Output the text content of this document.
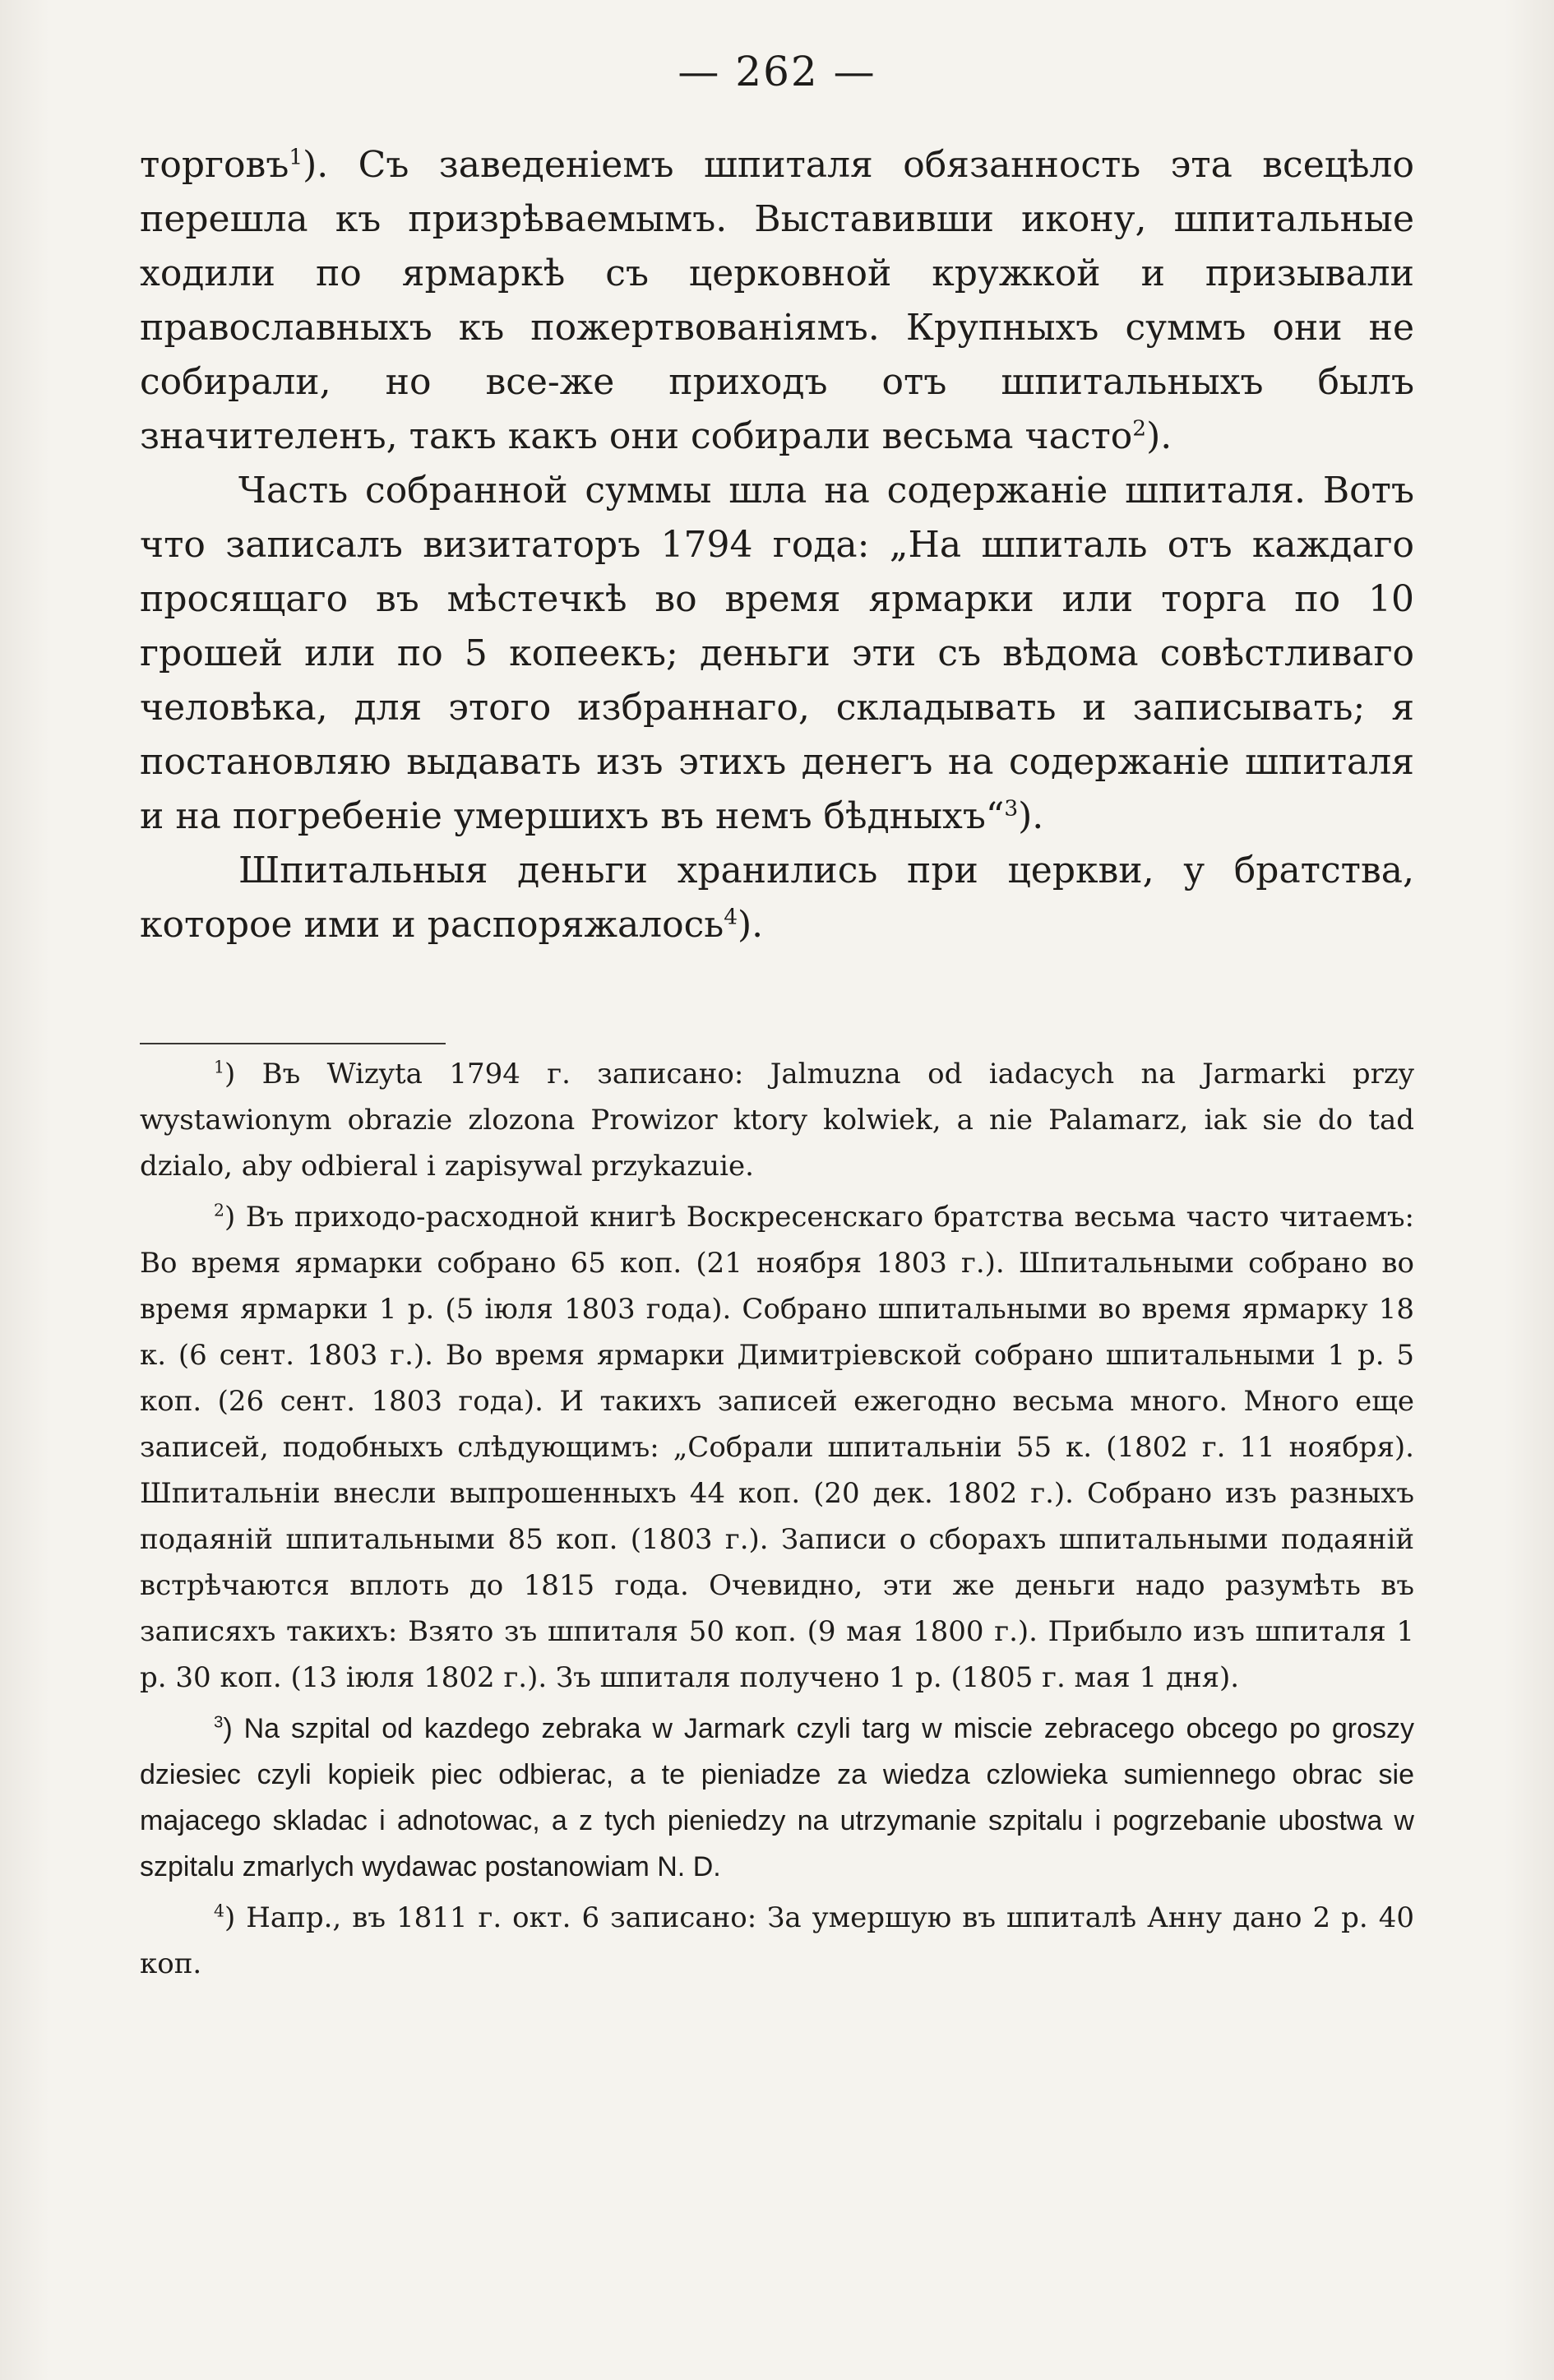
— 262 —

торговъ$^1$). Съ заведеніемъ шпиталя обязанность эта всецѣло перешла къ призрѣваемымъ. Выставивши икону, шпитальные ходили по ярмаркѣ съ церковной кружкой и призывали православныхъ къ пожертвованіямъ. Крупныхъ суммъ они не собирали, но все-же приходъ отъ шпитальныхъ былъ значителенъ, такъ какъ они собирали весьма часто$^2$).

Часть собранной суммы шла на содержаніе шпиталя. Вотъ что записалъ визитаторъ 1794 года: „На шпиталь отъ каждаго просящаго въ мѣстечкѣ во время ярмарки или торга по 10 грошей или по 5 копеекъ; деньги эти съ вѣдома совѣстливаго человѣка, для этого избраннаго, складывать и записывать; я постановляю выдавать изъ этихъ денегъ на содержаніе шпиталя и на погребеніе умершихъ въ немъ бѣдныхъ“$^3$).

Шпитальныя деньги хранились при церкви, у братства, которое ими и распоряжалось$^4$).

$^1$) Въ Wizyta 1794 г. записано: Jalmuzna od iadacych na Jarmarki przy wystawionym obrazie zlozona Prowizor ktory kolwiek, a nie Palamarz, iak sie do tad dzialo, aby odbieral i zapisywal przykazuie.

$^2$) Въ приходо-расходной книгѣ Воскресенскаго братства весьма часто читаемъ: Во время ярмарки собрано 65 коп. (21 ноября 1803 г.). Шпитальными собрано во время ярмарки 1 р. (5 іюля 1803 года). Собрано шпитальными во время ярмарку 18 к. (6 сент. 1803 г.). Во время ярмарки Димитріевской собрано шпитальными 1 р. 5 коп. (26 сент. 1803 года). И такихъ записей ежегодно весьма много. Много еще записей, подобныхъ слѣдующимъ: „Собрали шпитальніи 55 к. (1802 г. 11 ноября). Шпитальніи внесли выпрошенныхъ 44 коп. (20 дек. 1802 г.). Собрано изъ разныхъ подаяній шпитальными 85 коп. (1803 г.). Записи о сборахъ шпитальными подаяній встрѣчаются вплоть до 1815 года. Очевидно, эти же деньги надо разумѣть въ записяхъ такихъ: Взято зъ шпиталя 50 коп. (9 мая 1800 г.). Прибыло изъ шпиталя 1 р. 30 коп. (13 іюля 1802 г.). Зъ шпиталя получено 1 р. (1805 г. мая 1 дня).

$^3$) Na szpital od kazdego zebraka w Jarmark czyli targ w miscie zebracego obcego po groszy dziesiec czyli kopieik piec odbierac, a te pieniadze za wiedza czlowieka sumiennego obrac sie majacego skladac i adnotowac, a z tych pieniedzy na utrzymanie szpitalu i pogrzebanie ubostwa w szpitalu zmarlych wydawac postanowiam N. D.

$^4$) Напр., въ 1811 г. окт. 6 записано: За умершую въ шпиталѣ Анну дано 2 р. 40 коп.
